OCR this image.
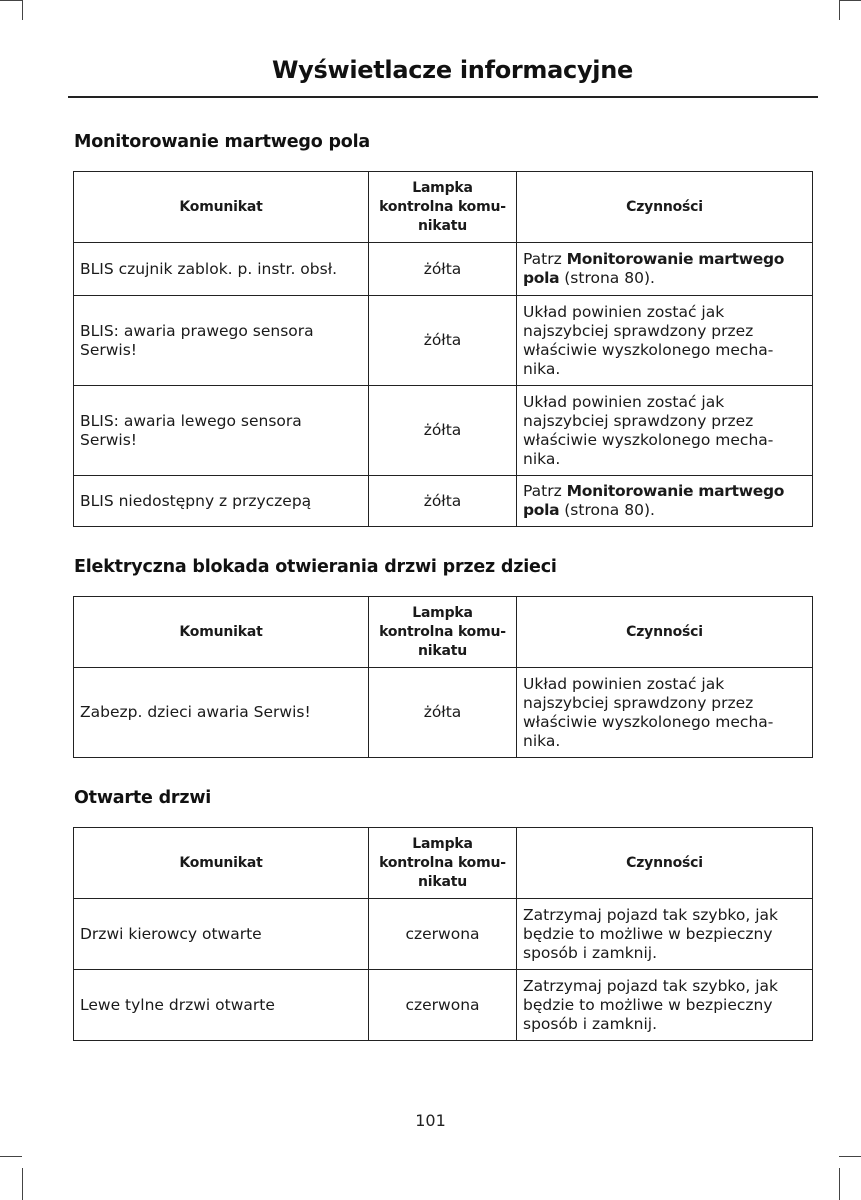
Wyświetlacze informacyjne
Monitorowanie martwego pola
Komunikat	Lampka kontrolna komu- nikatu	Czynności
BLIS czujnik zablok. p. instr. obsł.	żółta	Patrz Monitorowanie martwego pola (strona 80).
BLIS: awaria prawego sensora Serwis!	żółta	Układ powinien zostać jak najszybciej sprawdzony przez właściwie wyszkolonego mecha- nika.
BLIS: awaria lewego sensora Serwis!	żółta	Układ powinien zostać jak najszybciej sprawdzony przez właściwie wyszkolonego mecha- nika.
BLIS niedostępny z przyczepą	żółta	Patrz Monitorowanie martwego pola (strona 80).
Elektryczna blokada otwierania drzwi przez dzieci
Komunikat	Lampka kontrolna komu- nikatu	Czynności
Zabezp. dzieci awaria Serwis!	żółta	Układ powinien zostać jak najszybciej sprawdzony przez właściwie wyszkolonego mecha- nika.
Otwarte drzwi
Komunikat	Lampka kontrolna komu- nikatu	Czynności
Drzwi kierowcy otwarte	czerwona	Zatrzymaj pojazd tak szybko, jak będzie to możliwe w bezpieczny sposób i zamknij.
Lewe tylne drzwi otwarte	czerwona	Zatrzymaj pojazd tak szybko, jak będzie to możliwe w bezpieczny sposób i zamknij.
101
